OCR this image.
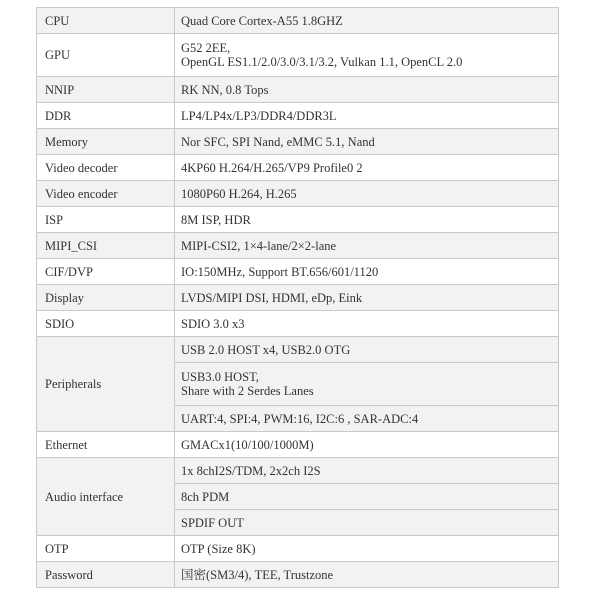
CPU	Quad Core Cortex-A55 1.8GHZ

GPU	G52 2EE,
OpenGL ES1.1/2.0/3.0/3.1/3.2, Vulkan 1.1, OpenCL 2.0

NNIP	RK NN, 0.8 Tops

DDR	LP4/LP4x/LP3/DDR4/DDR3L

Memory	Nor SFC, SPI Nand, eMMC 5.1, Nand

Video decoder	4KP60 H.264/H.265/VP9 Profile0 2

Video encoder	1080P60 H.264, H.265

ISP	8M ISP, HDR

MIPI_CSI	MIPI-CSI2, 1×4-lane/2×2-lane

CIF/DVP	IO:150MHz, Support BT.656/601/1120

Display	LVDS/MIPI DSI, HDMI, eDp, Eink

SDIO	SDIO 3.0 x3

Peripherals	USB 2.0 HOST x4, USB2.0 OTG

	USB3.0 HOST,
Share with 2 Serdes Lanes

	UART:4, SPI:4, PWM:16, I2C:6 , SAR-ADC:4

Ethernet	GMACx1(10/100/1000M)

Audio interface	1x 8chI2S/TDM, 2x2ch I2S

	8ch PDM

	SPDIF OUT

OTP	OTP (Size 8K)

Password	国密(SM3/4), TEE, Trustzone
